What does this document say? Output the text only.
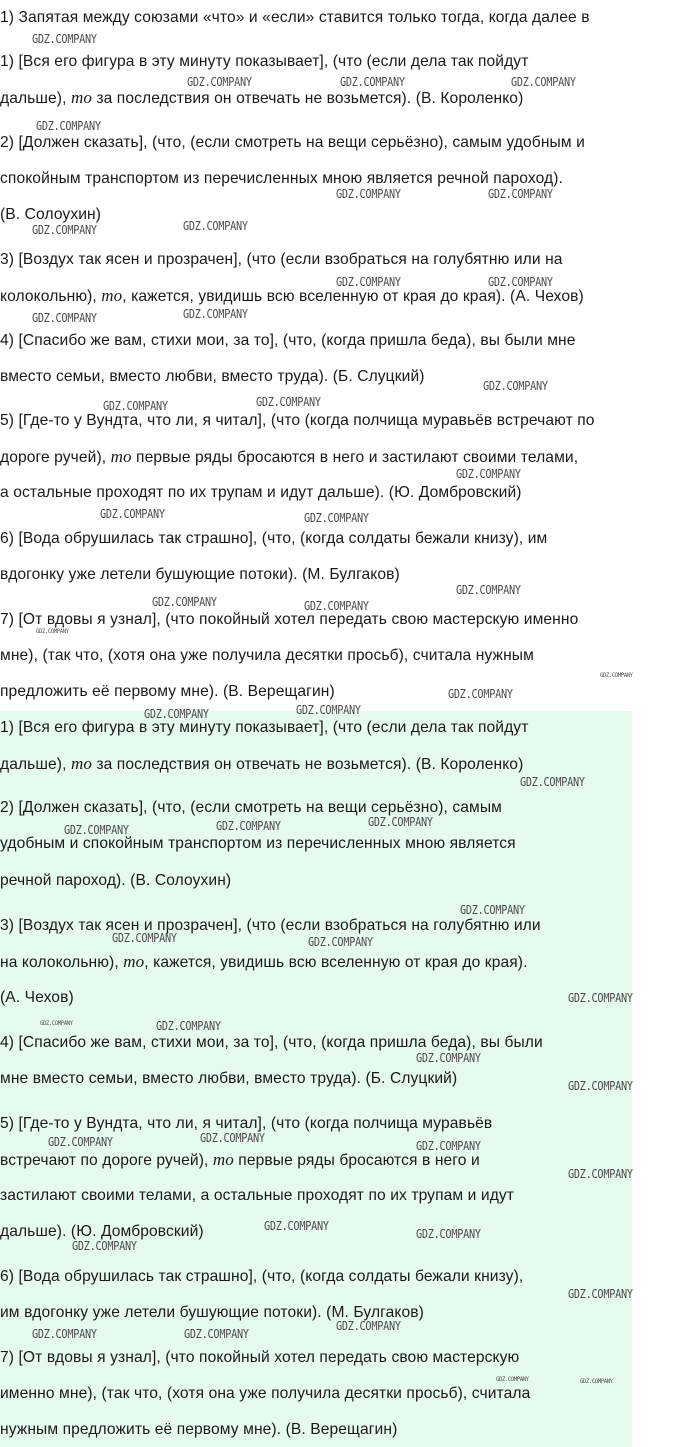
1) Запятая между союзами «что» и «если» ставится только тогда, когда далее в
1) [Вся его фигура в эту минуту показывает], (что (если дела так пойдут
дальше), то за последствия он отвечать не возьмется). (В. Короленко)
2) [Должен сказать], (что, (если смотреть на вещи серьёзно), самым удобным и
спокойным транспортом из перечисленных мною является речной пароход).
(В. Солоухин)
3) [Воздух так ясен и прозрачен], (что (если взобраться на голубятню или на
колокольню), то, кажется, увидишь всю вселенную от края до края). (А. Чехов)
4) [Спасибо же вам, стихи мои, за то], (что, (когда пришла беда), вы были мне
вместо семьи, вместо любви, вместо труда). (Б. Слуцкий)
5) [Где-то у Вундта, что ли, я читал], (что (когда полчища муравьёв встречают по
дороге ручей), то первые ряды бросаются в него и застилают своими телами,
а остальные проходят по их трупам и идут дальше). (Ю. Домбровский)
6) [Вода обрушилась так страшно], (что, (когда солдаты бежали книзу), им
вдогонку уже летели бушующие потоки). (М. Булгаков)
7) [От вдовы я узнал], (что покойный хотел передать свою мастерскую именно
мне), (так что, (хотя она уже получила десятки просьб), считала нужным
предложить её первому мне). (В. Верещагин)
1) [Вся его фигура в эту минуту показывает], (что (если дела так пойдут
дальше), то за последствия он отвечать не возьмется). (В. Короленко)
2) [Должен сказать], (что, (если смотреть на вещи серьёзно), самым
удобным и спокойным транспортом из перечисленных мною является
речной пароход). (В. Солоухин)
3) [Воздух так ясен и прозрачен], (что (если взобраться на голубятню или
на колокольню), то, кажется, увидишь всю вселенную от края до края).
(А. Чехов)
4) [Спасибо же вам, стихи мои, за то], (что, (когда пришла беда), вы были
мне вместо семьи, вместо любви, вместо труда). (Б. Слуцкий)
5) [Где-то у Вундта, что ли, я читал], (что (когда полчища муравьёв
встречают по дороге ручей), то первые ряды бросаются в него и
застилают своими телами, а остальные проходят по их трупам и идут
дальше). (Ю. Домбровский)
6) [Вода обрушилась так страшно], (что, (когда солдаты бежали книзу),
им вдогонку уже летели бушующие потоки). (М. Булгаков)
7) [От вдовы я узнал], (что покойный хотел передать свою мастерскую
именно мне), (так что, (хотя она уже получила десятки просьб), считала
нужным предложить её первому мне). (В. Верещагин)
GDZ.COMPANY
GDZ.COMPANY	GDZ.COMPANY	GDZ.COMPANY
GDZ.COMPANY
GDZ.COMPANY	GDZ.COMPANY
GDZ.COMPANY	GDZ.COMPANY
GDZ.COMPANY	GDZ.COMPANY
GDZ.COMPANY	GDZ.COMPANY
GDZ.COMPANY
GDZ.COMPANY	GDZ.COMPANY
GDZ.COMPANY
GDZ.COMPANY	GDZ.COMPANY
GDZ.COMPANY
GDZ.COMPANY	GDZ.COMPANY
GDZ.COMPANY
GDZ.COMPANY
GDZ.COMPANY
GDZ.COMPANY	GDZ.COMPANY
GDZ.COMPANY
GDZ.COMPANY	GDZ.COMPANY	GDZ.COMPANY
GDZ.COMPANY
GDZ.COMPANY	GDZ.COMPANY
GDZ.COMPANY
GDZ.COMPANY	GDZ.COMPANY
GDZ.COMPANY
GDZ.COMPANY
GDZ.COMPANY	GDZ.COMPANY
GDZ.COMPANY
GDZ.COMPANY
GDZ.COMPANY
GDZ.COMPANY
GDZ.COMPANY
GDZ.COMPANY
GDZ.COMPANY	GDZ.COMPANY
GDZ.COMPANY
GDZ.COMPANY	GDZ.COMPANY
